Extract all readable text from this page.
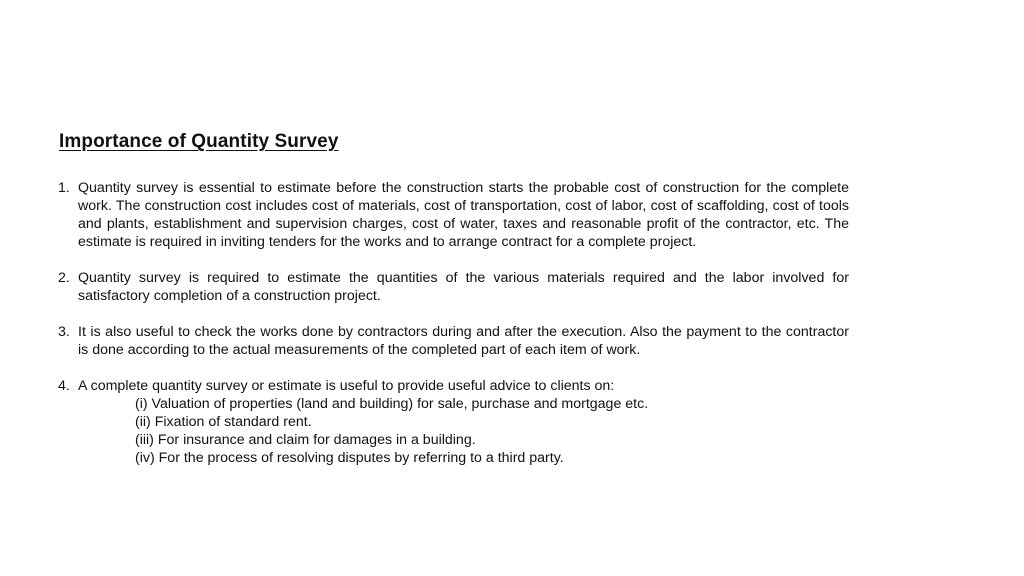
Importance of Quantity Survey
1. Quantity survey is essential to estimate before the construction starts the probable cost of construction for the complete work. The construction cost includes cost of materials, cost of transportation, cost of labor, cost of scaffolding, cost of tools and plants, establishment and supervision charges, cost of water, taxes and reasonable profit of the contractor, etc. The estimate is required in inviting tenders for the works and to arrange contract for a complete project.
2. Quantity survey is required to estimate the quantities of the various materials required and the labor involved for satisfactory completion of a construction project.
3. It is also useful to check the works done by contractors during and after the execution. Also the payment to the contractor is done according to the actual measurements of the completed part of each item of work.
4. A complete quantity survey or estimate is useful to provide useful advice to clients on:
(i) Valuation of properties (land and building) for sale, purchase and mortgage etc.
(ii) Fixation of standard rent.
(iii) For insurance and claim for damages in a building.
(iv) For the process of resolving disputes by referring to a third party.
